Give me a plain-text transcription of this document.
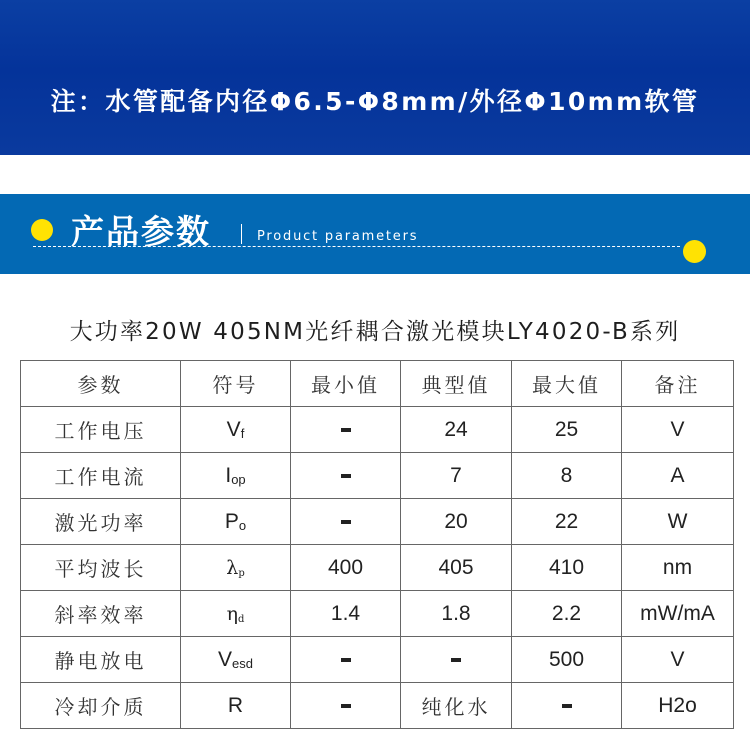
注：水管配备内径Φ6.5-Φ8mm/外径Φ10mm软管
产品参数	Product parameters
大功率20W 405NM光纤耦合激光模块LY4020-B系列
参数	符号	最小值	典型值	最大值	备注
工作电压	$V_f$		24	25	V
工作电流	$I_{op}$		7	8	A
激光功率	$P_o$		20	22	W
平均波长	$\lambda_p$	400	405	410	nm
斜率效率	$\eta_d$	1.4	1.8	2.2	mW/mA
静电放电	$V_{esd}$			500	V
冷却介质	R		纯化水		H2o
